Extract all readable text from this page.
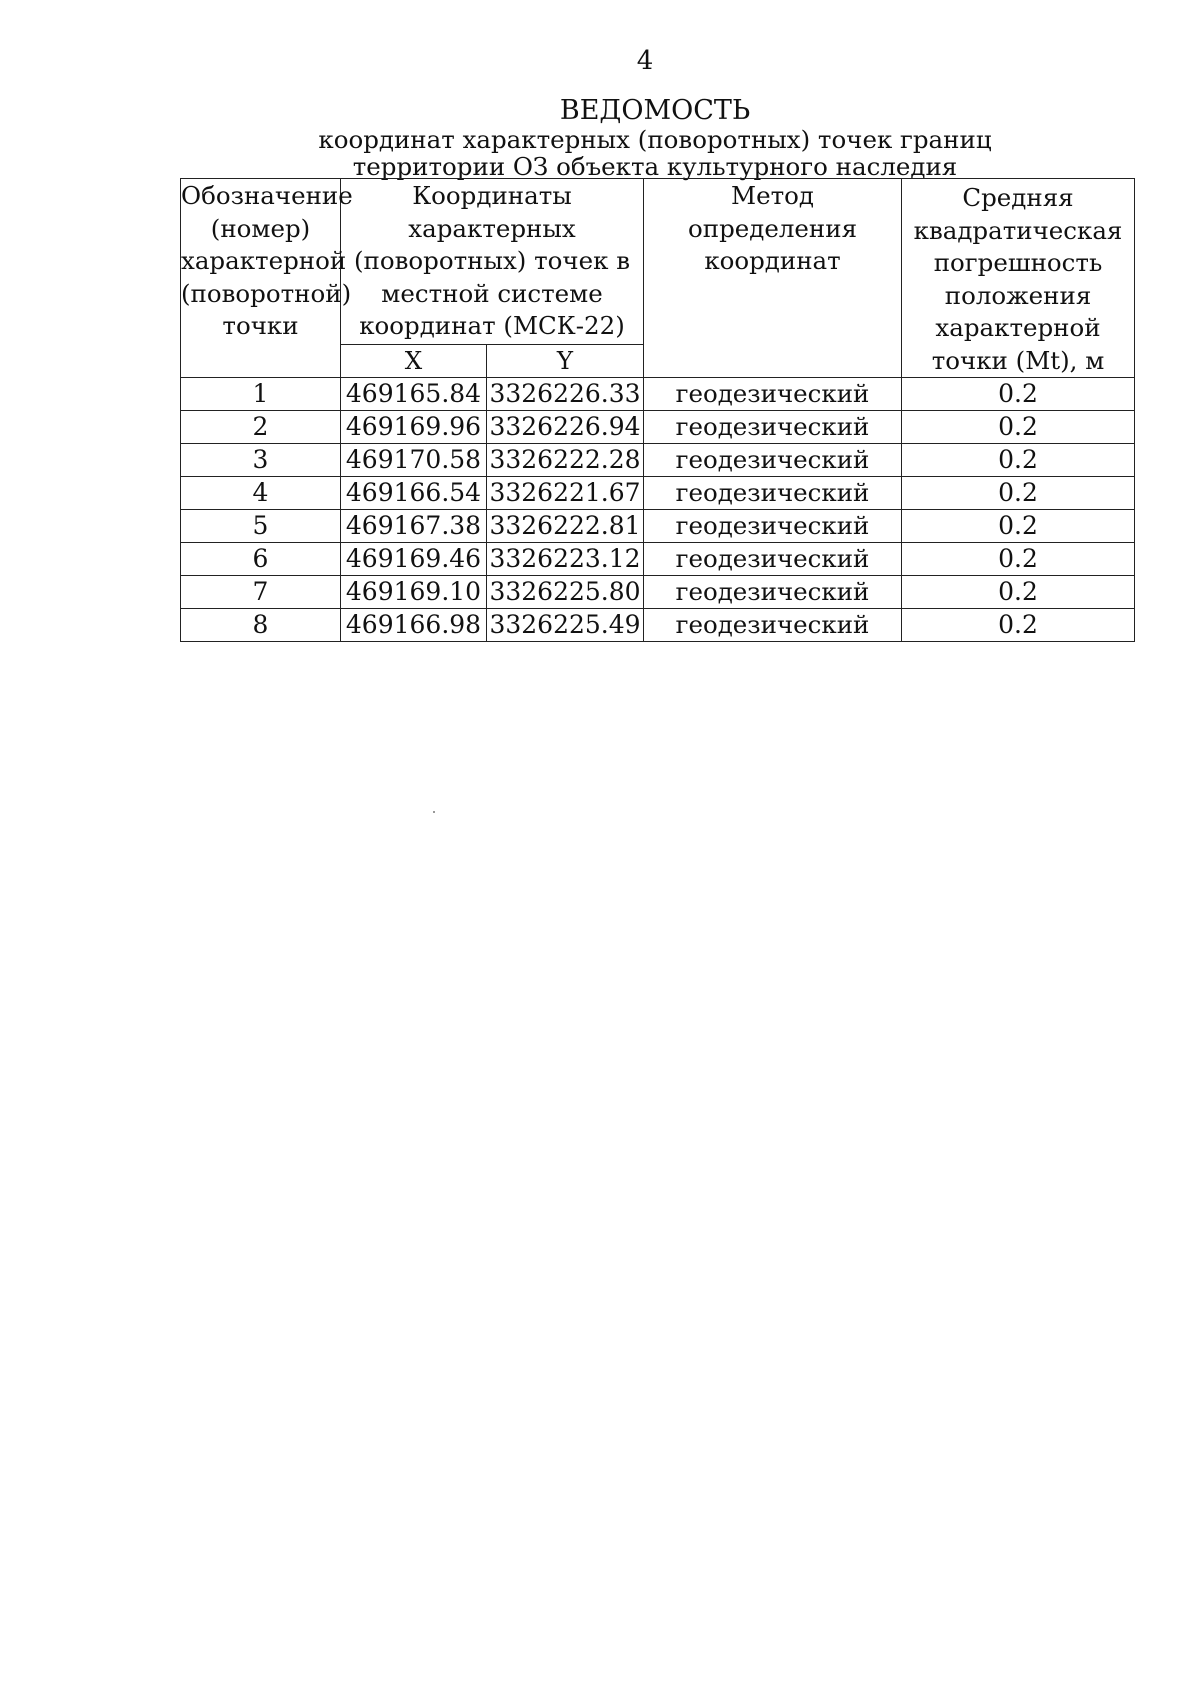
4
ВЕДОМОСТЬ
координат характерных (поворотных) точек границ
территории ОЗ объекта культурного наследия
Обозначение (номер) характерной (поворотной) точки	Координаты характерных (поворотных) точек в местной системе координат (МСК-22)		Метод определения координат	Средняя квадратическая погрешность положения характерной точки (Mt), м
	X	Y		
1	469165.84	3326226.33	геодезический	0.2
2	469169.96	3326226.94	геодезический	0.2
3	469170.58	3326222.28	геодезический	0.2
4	469166.54	3326221.67	геодезический	0.2
5	469167.38	3326222.81	геодезический	0.2
6	469169.46	3326223.12	геодезический	0.2
7	469169.10	3326225.80	геодезический	0.2
8	469166.98	3326225.49	геодезический	0.2
